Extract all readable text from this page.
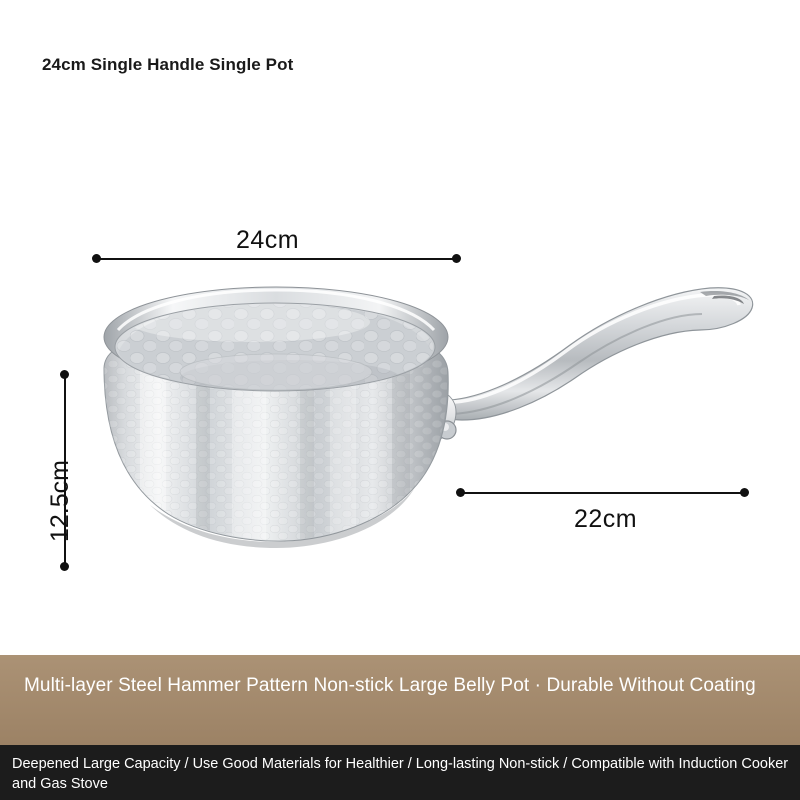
24cm Single Handle Single Pot
24cm
12.5cm	22cm
Multi-layer Steel Hammer Pattern Non-stick Large Belly Pot · Durable Without Coating
Deepened Large Capacity / Use Good Materials for Healthier / Long-lasting Non-stick / Compatible with Induction Cooker and Gas Stove
